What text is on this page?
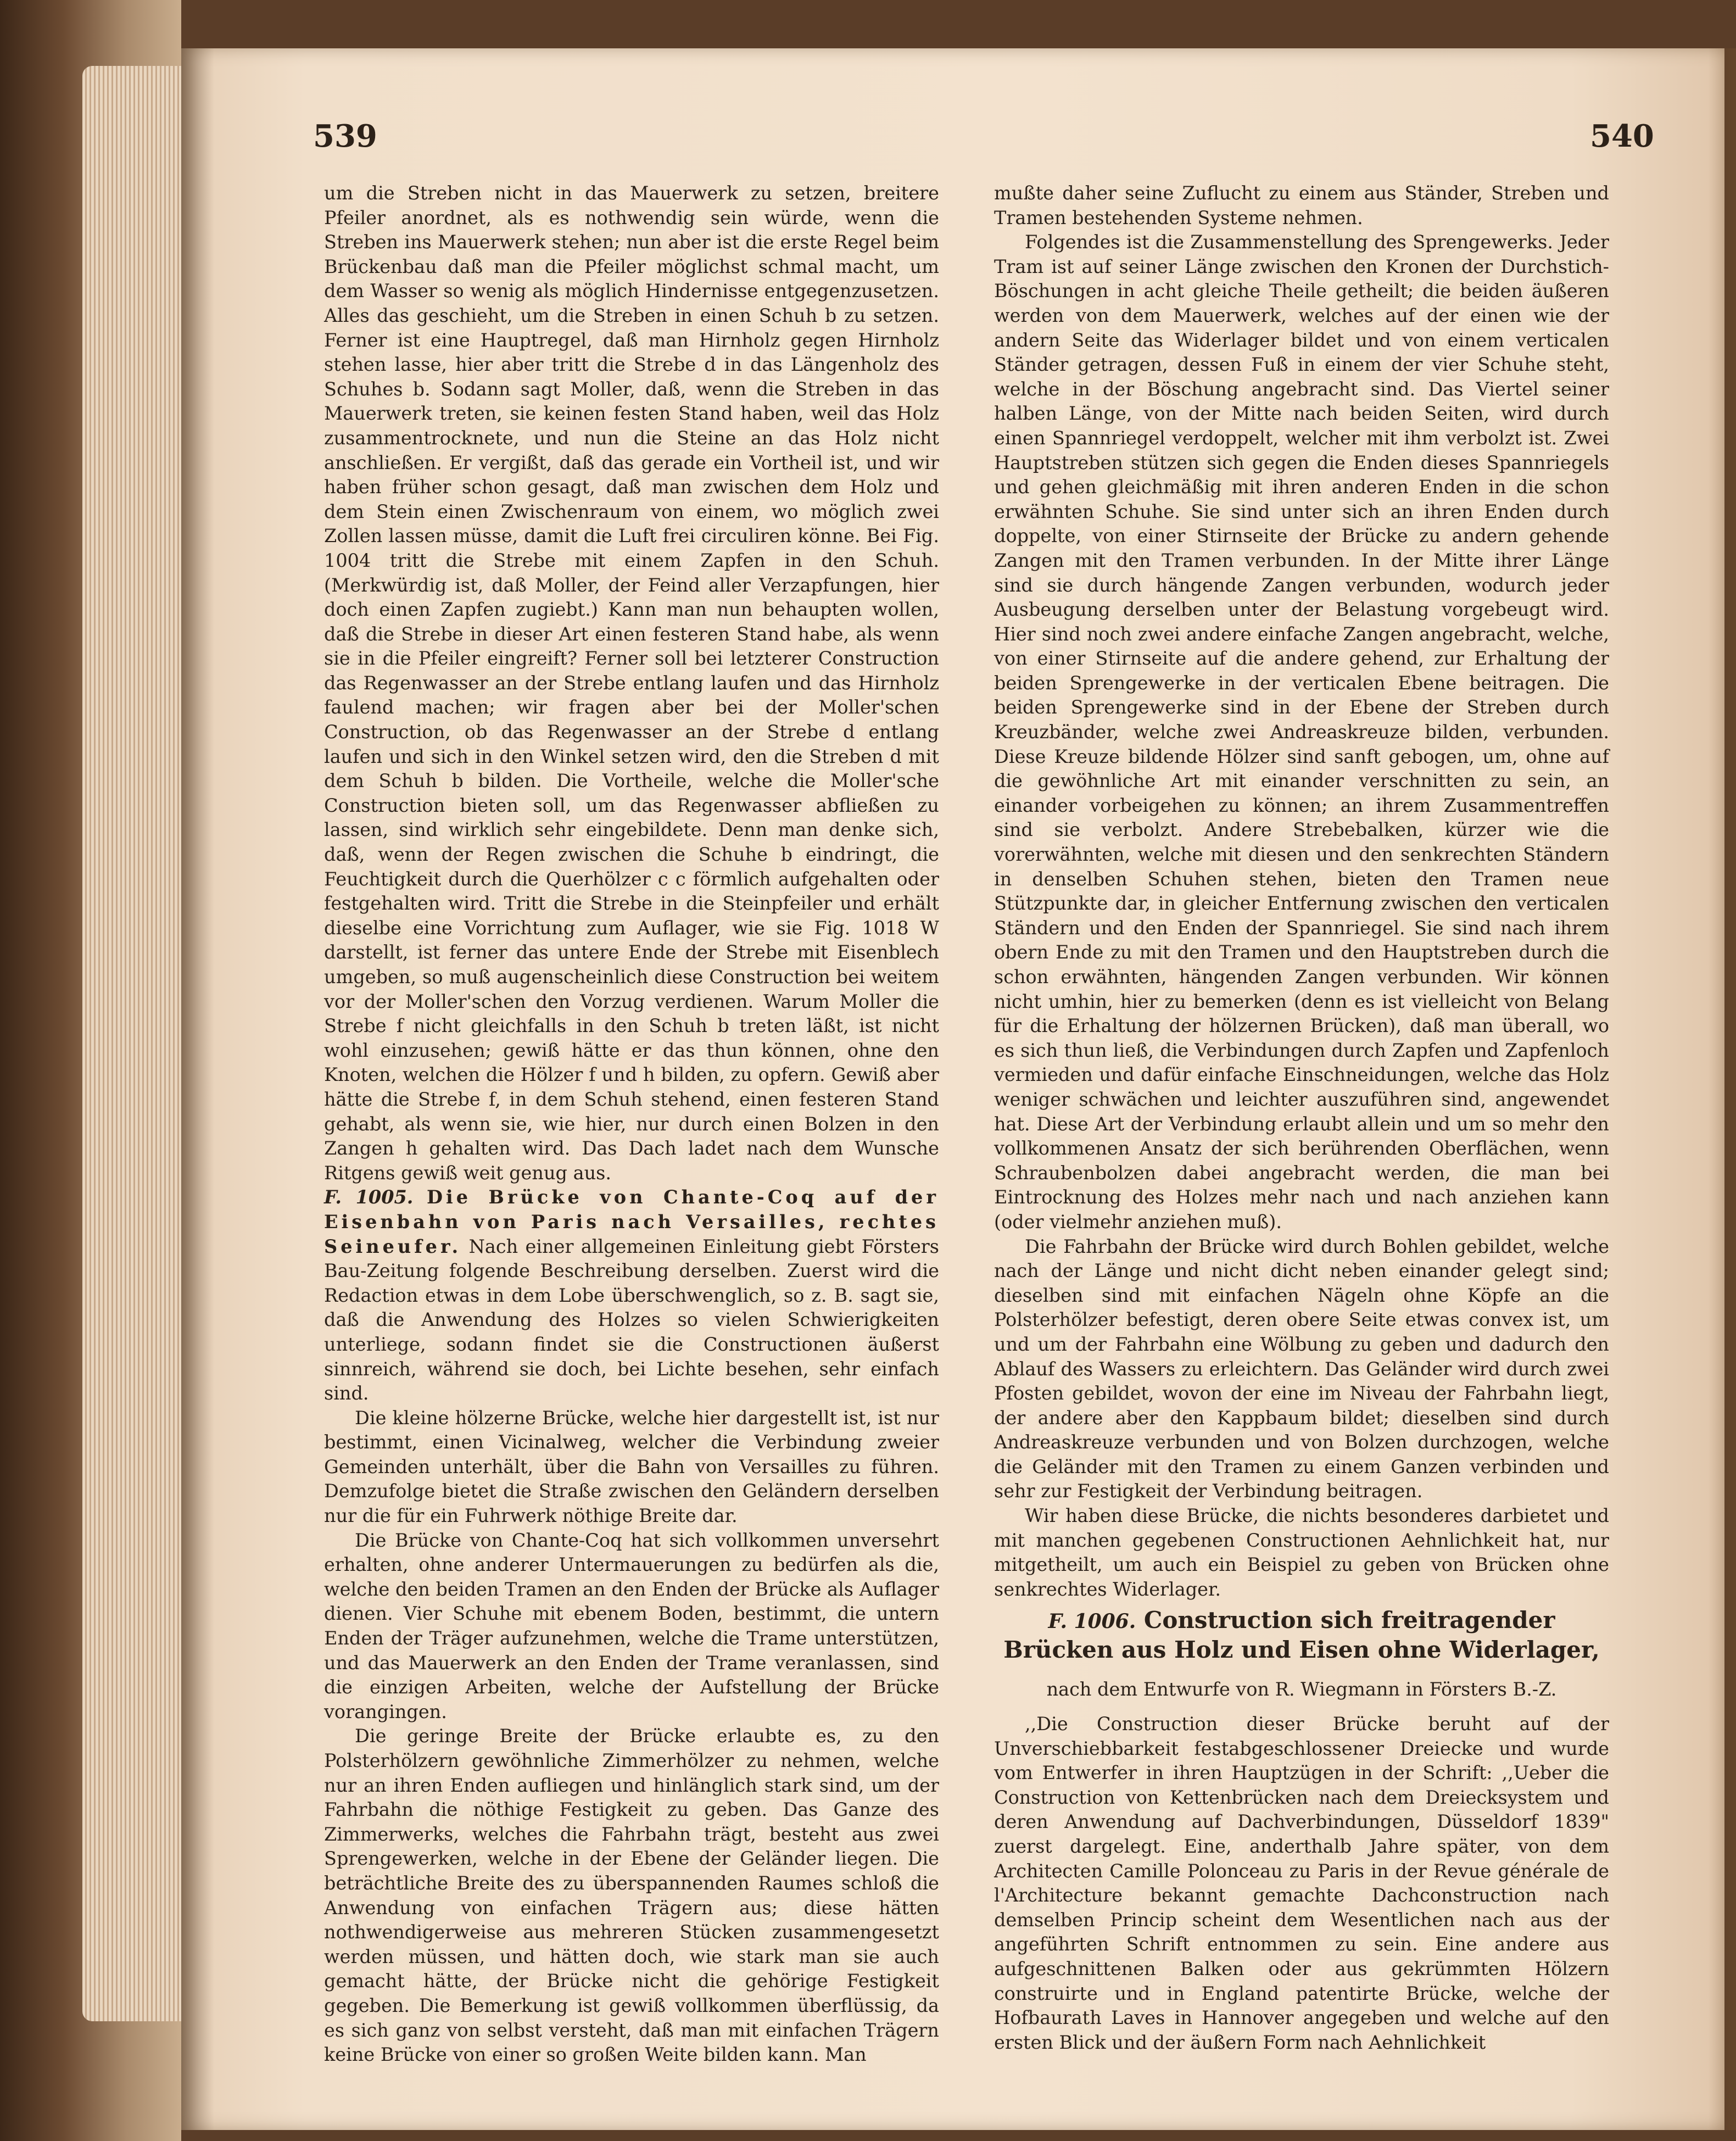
539	540

um die Streben nicht in das Mauerwerk zu setzen, breitere Pfeiler anordnet, als es nothwendig sein würde, wenn die Streben ins Mauerwerk stehen; nun aber ist die erste Regel beim Brückenbau daß man die Pfeiler möglichst schmal macht, um dem Wasser so wenig als möglich Hindernisse entgegenzusetzen. Alles das geschieht, um die Streben in einen Schuh b zu setzen. Ferner ist eine Hauptregel, daß man Hirnholz gegen Hirnholz stehen lasse, hier aber tritt die Strebe d in das Längenholz des Schuhes b. Sodann sagt Moller, daß, wenn die Streben in das Mauerwerk treten, sie keinen festen Stand haben, weil das Holz zusammentrocknete, und nun die Steine an das Holz nicht anschließen. Er vergißt, daß das gerade ein Vortheil ist, und wir haben früher schon gesagt, daß man zwischen dem Holz und dem Stein einen Zwischenraum von einem, wo möglich zwei Zollen lassen müsse, damit die Luft frei circuliren könne. Bei Fig. 1004 tritt die Strebe mit einem Zapfen in den Schuh. (Merkwürdig ist, daß Moller, der Feind aller Verzapfungen, hier doch einen Zapfen zugiebt.) Kann man nun behaupten wollen, daß die Strebe in dieser Art einen festeren Stand habe, als wenn sie in die Pfeiler eingreift? Ferner soll bei letzterer Construction das Regenwasser an der Strebe entlang laufen und das Hirnholz faulend machen; wir fragen aber bei der Moller'schen Construction, ob das Regenwasser an der Strebe d entlang laufen und sich in den Winkel setzen wird, den die Streben d mit dem Schuh b bilden. Die Vortheile, welche die Moller'sche Construction bieten soll, um das Regenwasser abfließen zu lassen, sind wirklich sehr eingebildete. Denn man denke sich, daß, wenn der Regen zwischen die Schuhe b eindringt, die Feuchtigkeit durch die Querhölzer c c förmlich aufgehalten oder festgehalten wird. Tritt die Strebe in die Steinpfeiler und erhält dieselbe eine Vorrichtung zum Auflager, wie sie Fig. 1018 W darstellt, ist ferner das untere Ende der Strebe mit Eisenblech umgeben, so muß augenscheinlich diese Construction bei weitem vor der Moller'schen den Vorzug verdienen. Warum Moller die Strebe f nicht gleichfalls in den Schuh b treten läßt, ist nicht wohl einzusehen; gewiß hätte er das thun können, ohne den Knoten, welchen die Hölzer f und h bilden, zu opfern. Gewiß aber hätte die Strebe f, in dem Schuh stehend, einen festeren Stand gehabt, als wenn sie, wie hier, nur durch einen Bolzen in den Zangen h gehalten wird. Das Dach ladet nach dem Wunsche Ritgens gewiß weit genug aus.

F. 1005. Die Brücke von Chante-Coq auf der Eisenbahn von Paris nach Versailles, rechtes Seineufer. Nach einer allgemeinen Einleitung giebt Försters Bau-Zeitung folgende Beschreibung derselben. Zuerst wird die Redaction etwas in dem Lobe überschwenglich, so z. B. sagt sie, daß die Anwendung des Holzes so vielen Schwierigkeiten unterliege, sodann findet sie die Constructionen äußerst sinnreich, während sie doch, bei Lichte besehen, sehr einfach sind.

Die kleine hölzerne Brücke, welche hier dargestellt ist, ist nur bestimmt, einen Vicinalweg, welcher die Verbindung zweier Gemeinden unterhält, über die Bahn von Versailles zu führen. Demzufolge bietet die Straße zwischen den Geländern derselben nur die für ein Fuhrwerk nöthige Breite dar.

Die Brücke von Chante-Coq hat sich vollkommen unversehrt erhalten, ohne anderer Untermauerungen zu bedürfen als die, welche den beiden Tramen an den Enden der Brücke als Auflager dienen. Vier Schuhe mit ebenem Boden, bestimmt, die untern Enden der Träger aufzunehmen, welche die Trame unterstützen, und das Mauerwerk an den Enden der Trame veranlassen, sind die einzigen Arbeiten, welche der Aufstellung der Brücke vorangingen.

Die geringe Breite der Brücke erlaubte es, zu den Polsterhölzern gewöhnliche Zimmerhölzer zu nehmen, welche nur an ihren Enden aufliegen und hinlänglich stark sind, um der Fahrbahn die nöthige Festigkeit zu geben. Das Ganze des Zimmerwerks, welches die Fahrbahn trägt, besteht aus zwei Sprengewerken, welche in der Ebene der Geländer liegen. Die beträchtliche Breite des zu überspannenden Raumes schloß die Anwendung von einfachen Trägern aus; diese hätten nothwendigerweise aus mehreren Stücken zusammengesetzt werden müssen, und hätten doch, wie stark man sie auch gemacht hätte, der Brücke nicht die gehörige Festigkeit gegeben. Die Bemerkung ist gewiß vollkommen überflüssig, da es sich ganz von selbst versteht, daß man mit einfachen Trägern keine Brücke von einer so großen Weite bilden kann. Man

mußte daher seine Zuflucht zu einem aus Ständer, Streben und Tramen bestehenden Systeme nehmen.

Folgendes ist die Zusammenstellung des Sprengewerks. Jeder Tram ist auf seiner Länge zwischen den Kronen der Durchstich-Böschungen in acht gleiche Theile getheilt; die beiden äußeren werden von dem Mauerwerk, welches auf der einen wie der andern Seite das Widerlager bildet und von einem verticalen Ständer getragen, dessen Fuß in einem der vier Schuhe steht, welche in der Böschung angebracht sind. Das Viertel seiner halben Länge, von der Mitte nach beiden Seiten, wird durch einen Spannriegel verdoppelt, welcher mit ihm verbolzt ist. Zwei Hauptstreben stützen sich gegen die Enden dieses Spannriegels und gehen gleichmäßig mit ihren anderen Enden in die schon erwähnten Schuhe. Sie sind unter sich an ihren Enden durch doppelte, von einer Stirnseite der Brücke zu andern gehende Zangen mit den Tramen verbunden. In der Mitte ihrer Länge sind sie durch hängende Zangen verbunden, wodurch jeder Ausbeugung derselben unter der Belastung vorgebeugt wird. Hier sind noch zwei andere einfache Zangen angebracht, welche, von einer Stirnseite auf die andere gehend, zur Erhaltung der beiden Sprengewerke in der verticalen Ebene beitragen. Die beiden Sprengewerke sind in der Ebene der Streben durch Kreuzbänder, welche zwei Andreaskreuze bilden, verbunden. Diese Kreuze bildende Hölzer sind sanft gebogen, um, ohne auf die gewöhnliche Art mit einander verschnitten zu sein, an einander vorbeigehen zu können; an ihrem Zusammentreffen sind sie verbolzt. Andere Strebebalken, kürzer wie die vorerwähnten, welche mit diesen und den senkrechten Ständern in denselben Schuhen stehen, bieten den Tramen neue Stützpunkte dar, in gleicher Entfernung zwischen den verticalen Ständern und den Enden der Spannriegel. Sie sind nach ihrem obern Ende zu mit den Tramen und den Hauptstreben durch die schon erwähnten, hängenden Zangen verbunden. Wir können nicht umhin, hier zu bemerken (denn es ist vielleicht von Belang für die Erhaltung der hölzernen Brücken), daß man überall, wo es sich thun ließ, die Verbindungen durch Zapfen und Zapfenloch vermieden und dafür einfache Einschneidungen, welche das Holz weniger schwächen und leichter auszuführen sind, angewendet hat. Diese Art der Verbindung erlaubt allein und um so mehr den vollkommenen Ansatz der sich berührenden Oberflächen, wenn Schraubenbolzen dabei angebracht werden, die man bei Eintrocknung des Holzes mehr nach und nach anziehen kann (oder vielmehr anziehen muß).

Die Fahrbahn der Brücke wird durch Bohlen gebildet, welche nach der Länge und nicht dicht neben einander gelegt sind; dieselben sind mit einfachen Nägeln ohne Köpfe an die Polsterhölzer befestigt, deren obere Seite etwas convex ist, um und um der Fahrbahn eine Wölbung zu geben und dadurch den Ablauf des Wassers zu erleichtern. Das Geländer wird durch zwei Pfosten gebildet, wovon der eine im Niveau der Fahrbahn liegt, der andere aber den Kappbaum bildet; dieselben sind durch Andreaskreuze verbunden und von Bolzen durchzogen, welche die Geländer mit den Tramen zu einem Ganzen verbinden und sehr zur Festigkeit der Verbindung beitragen.

Wir haben diese Brücke, die nichts besonderes darbietet und mit manchen gegebenen Constructionen Aehnlichkeit hat, nur mitgetheilt, um auch ein Beispiel zu geben von Brücken ohne senkrechtes Widerlager.

F. 1006. Construction sich freitragender Brücken aus Holz und Eisen ohne Widerlager,
nach dem Entwurfe von R. Wiegmann in Försters B.-Z.

,,Die Construction dieser Brücke beruht auf der Unverschiebbarkeit festabgeschlossener Dreiecke und wurde vom Entwerfer in ihren Hauptzügen in der Schrift: ,,Ueber die Construction von Kettenbrücken nach dem Dreiecksystem und deren Anwendung auf Dachverbindungen, Düsseldorf 1839" zuerst dargelegt. Eine, anderthalb Jahre später, von dem Architecten Camille Polonceau zu Paris in der Revue générale de l'Architecture bekannt gemachte Dachconstruction nach demselben Princip scheint dem Wesentlichen nach aus der angeführten Schrift entnommen zu sein. Eine andere aus aufgeschnittenen Balken oder aus gekrümmten Hölzern construirte und in England patentirte Brücke, welche der Hofbaurath Laves in Hannover angegeben und welche auf den ersten Blick und der äußern Form nach Aehnlichkeit
